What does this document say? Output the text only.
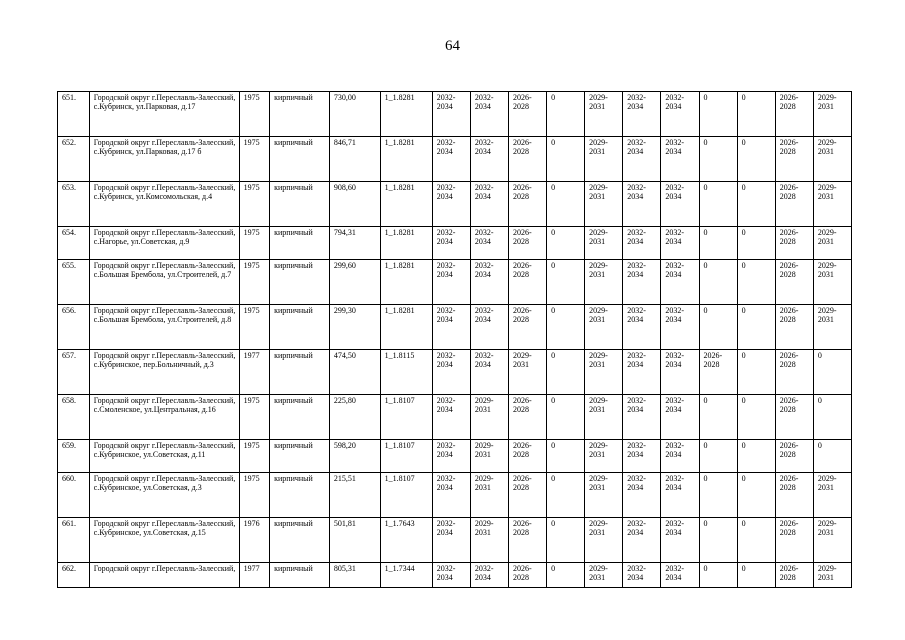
64
651.	Городской округ г.Переславль-Залесский, с.Кубринск, ул.Парковая, д.17	1975	кирпичный	730,00	1_1.8281	2032-2034	2032-2034	2026-2028	0	2029-2031	2032-2034	2032-2034	0	0	2026-2028	2029-2031
652.	Городской округ г.Переславль-Залесский, с.Кубринск, ул.Парковая, д.17 б	1975	кирпичный	846,71	1_1.8281	2032-2034	2032-2034	2026-2028	0	2029-2031	2032-2034	2032-2034	0	0	2026-2028	2029-2031
653.	Городской округ г.Переславль-Залесский, с.Кубринск, ул.Комсомольская, д.4	1975	кирпичный	908,60	1_1.8281	2032-2034	2032-2034	2026-2028	0	2029-2031	2032-2034	2032-2034	0	0	2026-2028	2029-2031
654.	Городской округ г.Переславль-Залесский, с.Нагорье, ул.Советская, д.9	1975	кирпичный	794,31	1_1.8281	2032-2034	2032-2034	2026-2028	0	2029-2031	2032-2034	2032-2034	0	0	2026-2028	2029-2031
655.	Городской округ г.Переславль-Залесский, с.Большая Брембола, ул.Строителей, д.7	1975	кирпичный	299,60	1_1.8281	2032-2034	2032-2034	2026-2028	0	2029-2031	2032-2034	2032-2034	0	0	2026-2028	2029-2031
656.	Городской округ г.Переславль-Залесский, с.Большая Брембола, ул.Строителей, д.8	1975	кирпичный	299,30	1_1.8281	2032-2034	2032-2034	2026-2028	0	2029-2031	2032-2034	2032-2034	0	0	2026-2028	2029-2031
657.	Городской округ г.Переславль-Залесский, с.Кубринское, пер.Больничный, д.3	1977	кирпичный	474,50	1_1.8115	2032-2034	2032-2034	2029-2031	0	2029-2031	2032-2034	2032-2034	2026-2028	0	2026-2028	0
658.	Городской округ г.Переславль-Залесский, с.Смоленское, ул.Центральная, д.16	1975	кирпичный	225,80	1_1.8107	2032-2034	2029-2031	2026-2028	0	2029-2031	2032-2034	2032-2034	0	0	2026-2028	0
659.	Городской округ г.Переславль-Залесский, с.Кубринское, ул.Советская, д.11	1975	кирпичный	598,20	1_1.8107	2032-2034	2029-2031	2026-2028	0	2029-2031	2032-2034	2032-2034	0	0	2026-2028	0
660.	Городской округ г.Переславль-Залесский, с.Кубринское, ул.Советская, д.3	1975	кирпичный	215,51	1_1.8107	2032-2034	2029-2031	2026-2028	0	2029-2031	2032-2034	2032-2034	0	0	2026-2028	2029-2031
661.	Городской округ г.Переславль-Залесский, с.Кубринское, ул.Советская, д.15	1976	кирпичный	501,81	1_1.7643	2032-2034	2029-2031	2026-2028	0	2029-2031	2032-2034	2032-2034	0	0	2026-2028	2029-2031
662.	Городской округ г.Переславль-Залесский,	1977	кирпичный	805,31	1_1.7344	2032-2034	2032-2034	2026-2028	0	2029-2031	2032-2034	2032-2034	0	0	2026-2028	2029-2031
